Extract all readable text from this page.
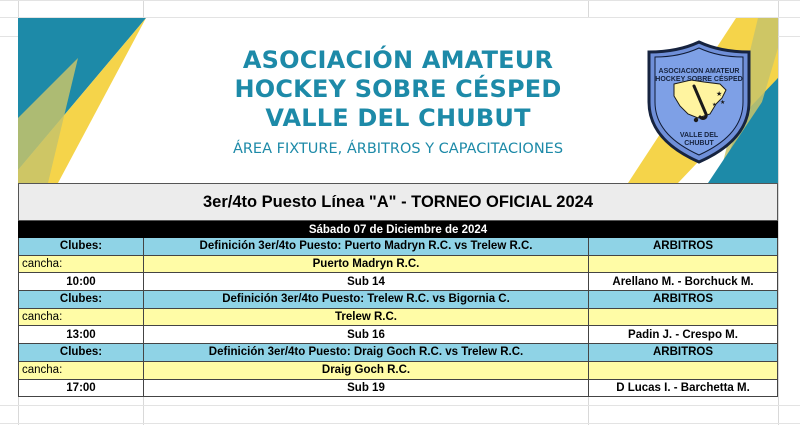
ASOCIACIÓN AMATEUR
HOCKEY SOBRE CÉSPED
VALLE DEL CHUBUT
ÁREA FIXTURE, ÁRBITROS Y CAPACITACIONES
★
★
★
ASOCIACION AMATEUR
HOCKEY SOBRE CÉSPED
VALLE DEL
CHUBUT
3er/4to Puesto Línea "A" - TORNEO OFICIAL 2024
Sábado 07 de Diciembre de 2024
Clubes:	Definición 3er/4to Puesto: Puerto Madryn R.C. vs Trelew R.C.	ARBITROS
cancha:	Puerto Madryn R.C.
10:00	Sub 14	Arellano M. - Borchuck M.
Clubes:	Definición 3er/4to Puesto: Trelew R.C. vs Bigornia C.	ARBITROS
cancha:	Trelew R.C.
13:00	Sub 16	Padin J. - Crespo M.
Clubes:	Definición 3er/4to Puesto: Draig Goch R.C. vs Trelew R.C.	ARBITROS
cancha:	Draig Goch R.C.
17:00	Sub 19	D Lucas I. - Barchetta M.
